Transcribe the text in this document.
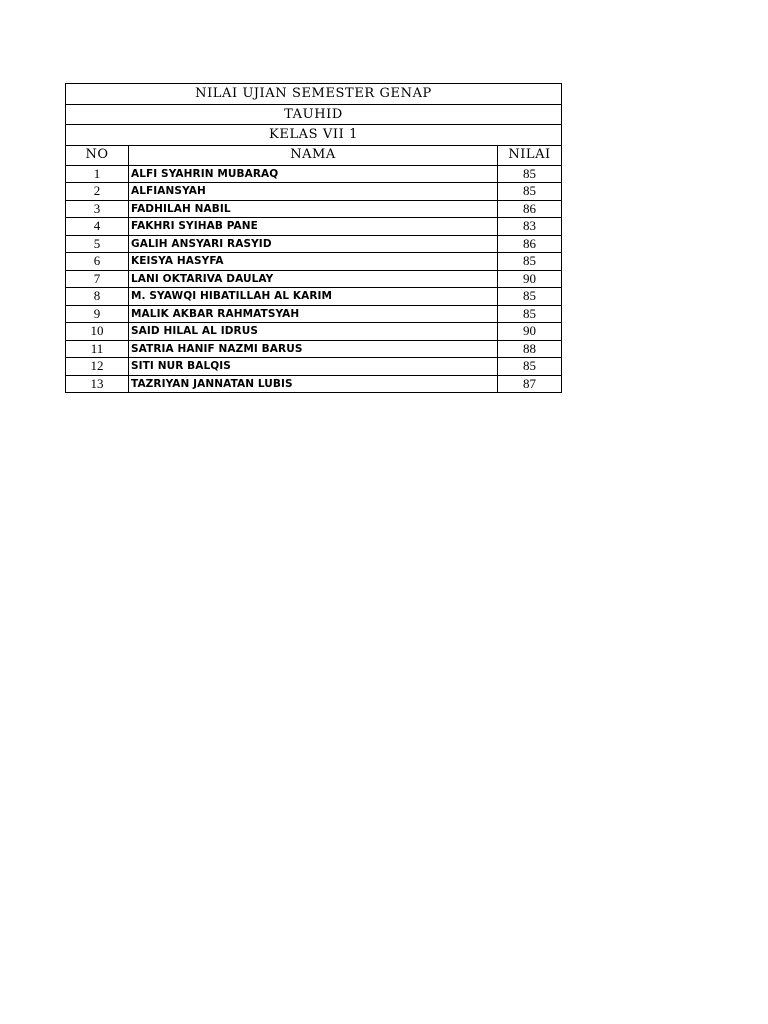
NILAI UJIAN SEMESTER GENAP		
TAUHID		
KELAS VII 1		
NO	NAMA	NILAI
1	ALFI SYAHRIN MUBARAQ	85
2	ALFIANSYAH	85
3	FADHILAH NABIL	86
4	FAKHRI SYIHAB PANE	83
5	GALIH ANSYARI RASYID	86
6	KEISYA HASYFA	85
7	LANI OKTARIVA DAULAY	90
8	M. SYAWQI HIBATILLAH AL KARIM	85
9	MALIK AKBAR RAHMATSYAH	85
10	SAID HILAL AL IDRUS	90
11	SATRIA HANIF NAZMI BARUS	88
12	SITI NUR BALQIS	85
13	TAZRIYAN JANNATAN LUBIS	87
